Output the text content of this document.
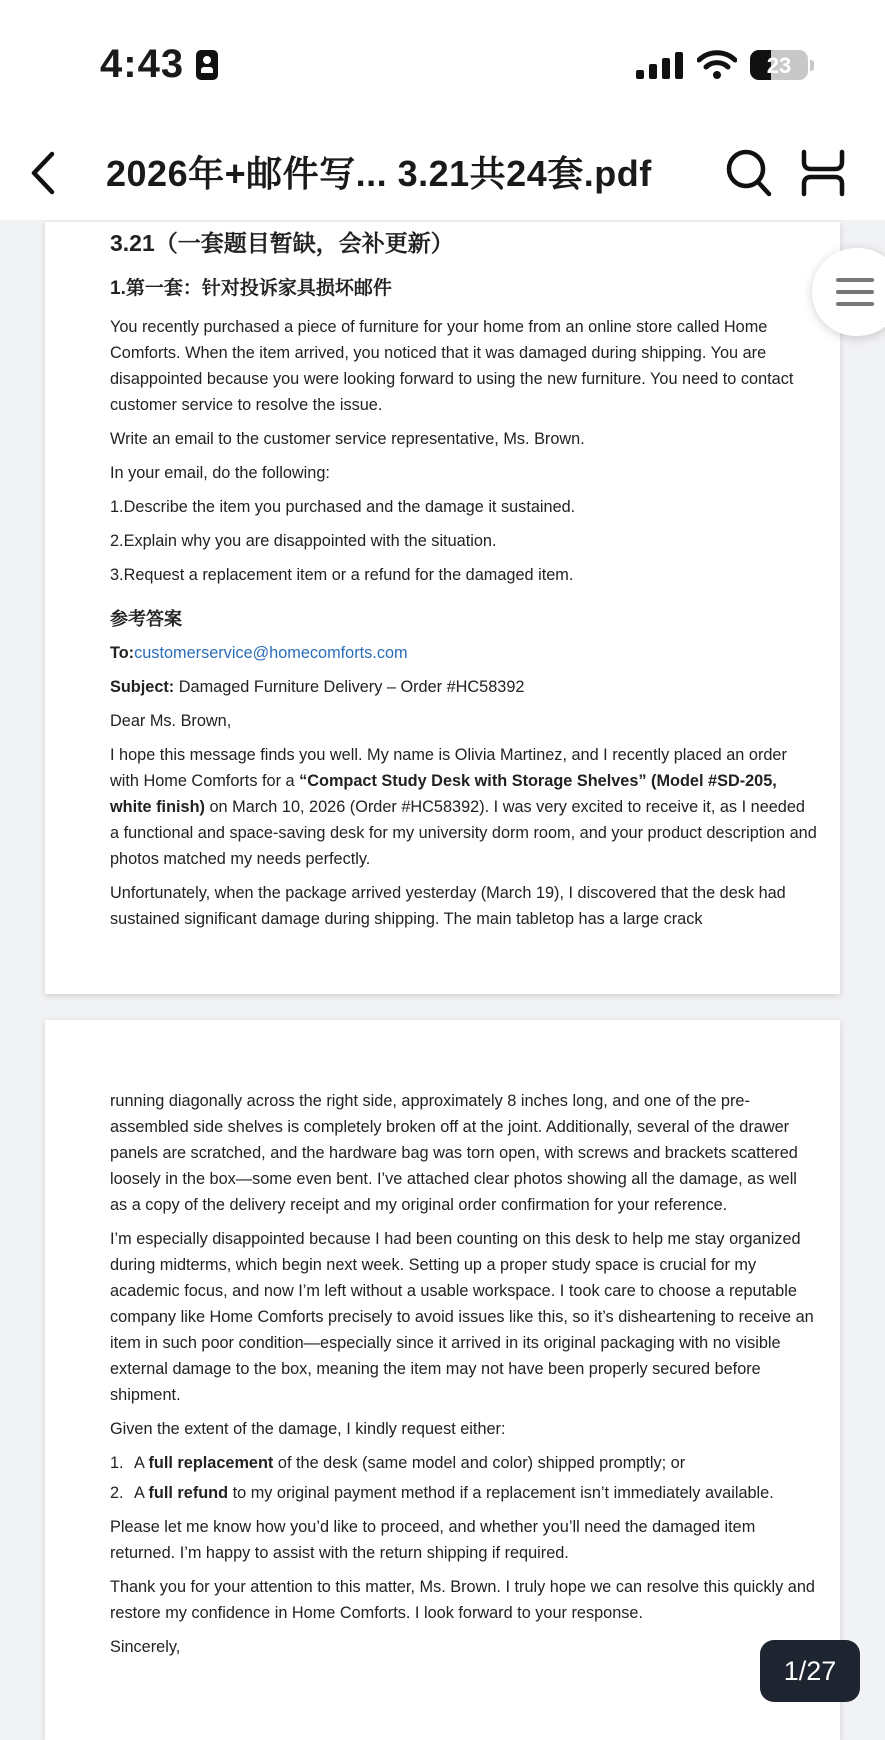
4:43	23
2026年+邮件写... 3.21共24套.pdf

3.21（一套题目暂缺，会补更新）

1.第一套：针对投诉家具损坏邮件

You recently purchased a piece of furniture for your home from an online store called Home Comforts. When the item arrived, you noticed that it was damaged during shipping. You are disappointed because you were looking forward to using the new furniture. You need to contact customer service to resolve the issue.

Write an email to the customer service representative, Ms. Brown.

In your email, do the following:

1.Describe the item you purchased and the damage it sustained.

2.Explain why you are disappointed with the situation.

3.Request a replacement item or a refund for the damaged item.

参考答案

To:customerservice@homecomforts.com

Subject: Damaged Furniture Delivery – Order #HC58392

Dear Ms. Brown,

I hope this message finds you well. My name is Olivia Martinez, and I recently placed an order with Home Comforts for a “Compact Study Desk with Storage Shelves” (Model #SD-205, white finish) on March 10, 2026 (Order #HC58392). I was very excited to receive it, as I needed a functional and space-saving desk for my university dorm room, and your product description and photos matched my needs perfectly.

Unfortunately, when the package arrived yesterday (March 19), I discovered that the desk had sustained significant damage during shipping. The main tabletop has a large crack

running diagonally across the right side, approximately 8 inches long, and one of the pre-assembled side shelves is completely broken off at the joint. Additionally, several of the drawer panels are scratched, and the hardware bag was torn open, with screws and brackets scattered loosely in the box—some even bent. I’ve attached clear photos showing all the damage, as well as a copy of the delivery receipt and my original order confirmation for your reference.

I’m especially disappointed because I had been counting on this desk to help me stay organized during midterms, which begin next week. Setting up a proper study space is crucial for my academic focus, and now I’m left without a usable workspace. I took care to choose a reputable company like Home Comforts precisely to avoid issues like this, so it’s disheartening to receive an item in such poor condition—especially since it arrived in its original packaging with no visible external damage to the box, meaning the item may not have been properly secured before shipment.

Given the extent of the damage, I kindly request either:

1. A full replacement of the desk (same model and color) shipped promptly; or

2. A full refund to my original payment method if a replacement isn’t immediately available.

Please let me know how you’d like to proceed, and whether you’ll need the damaged item returned. I’m happy to assist with the return shipping if required.

Thank you for your attention to this matter, Ms. Brown. I truly hope we can resolve this quickly and restore my confidence in Home Comforts. I look forward to your response.

Sincerely,

1/27
